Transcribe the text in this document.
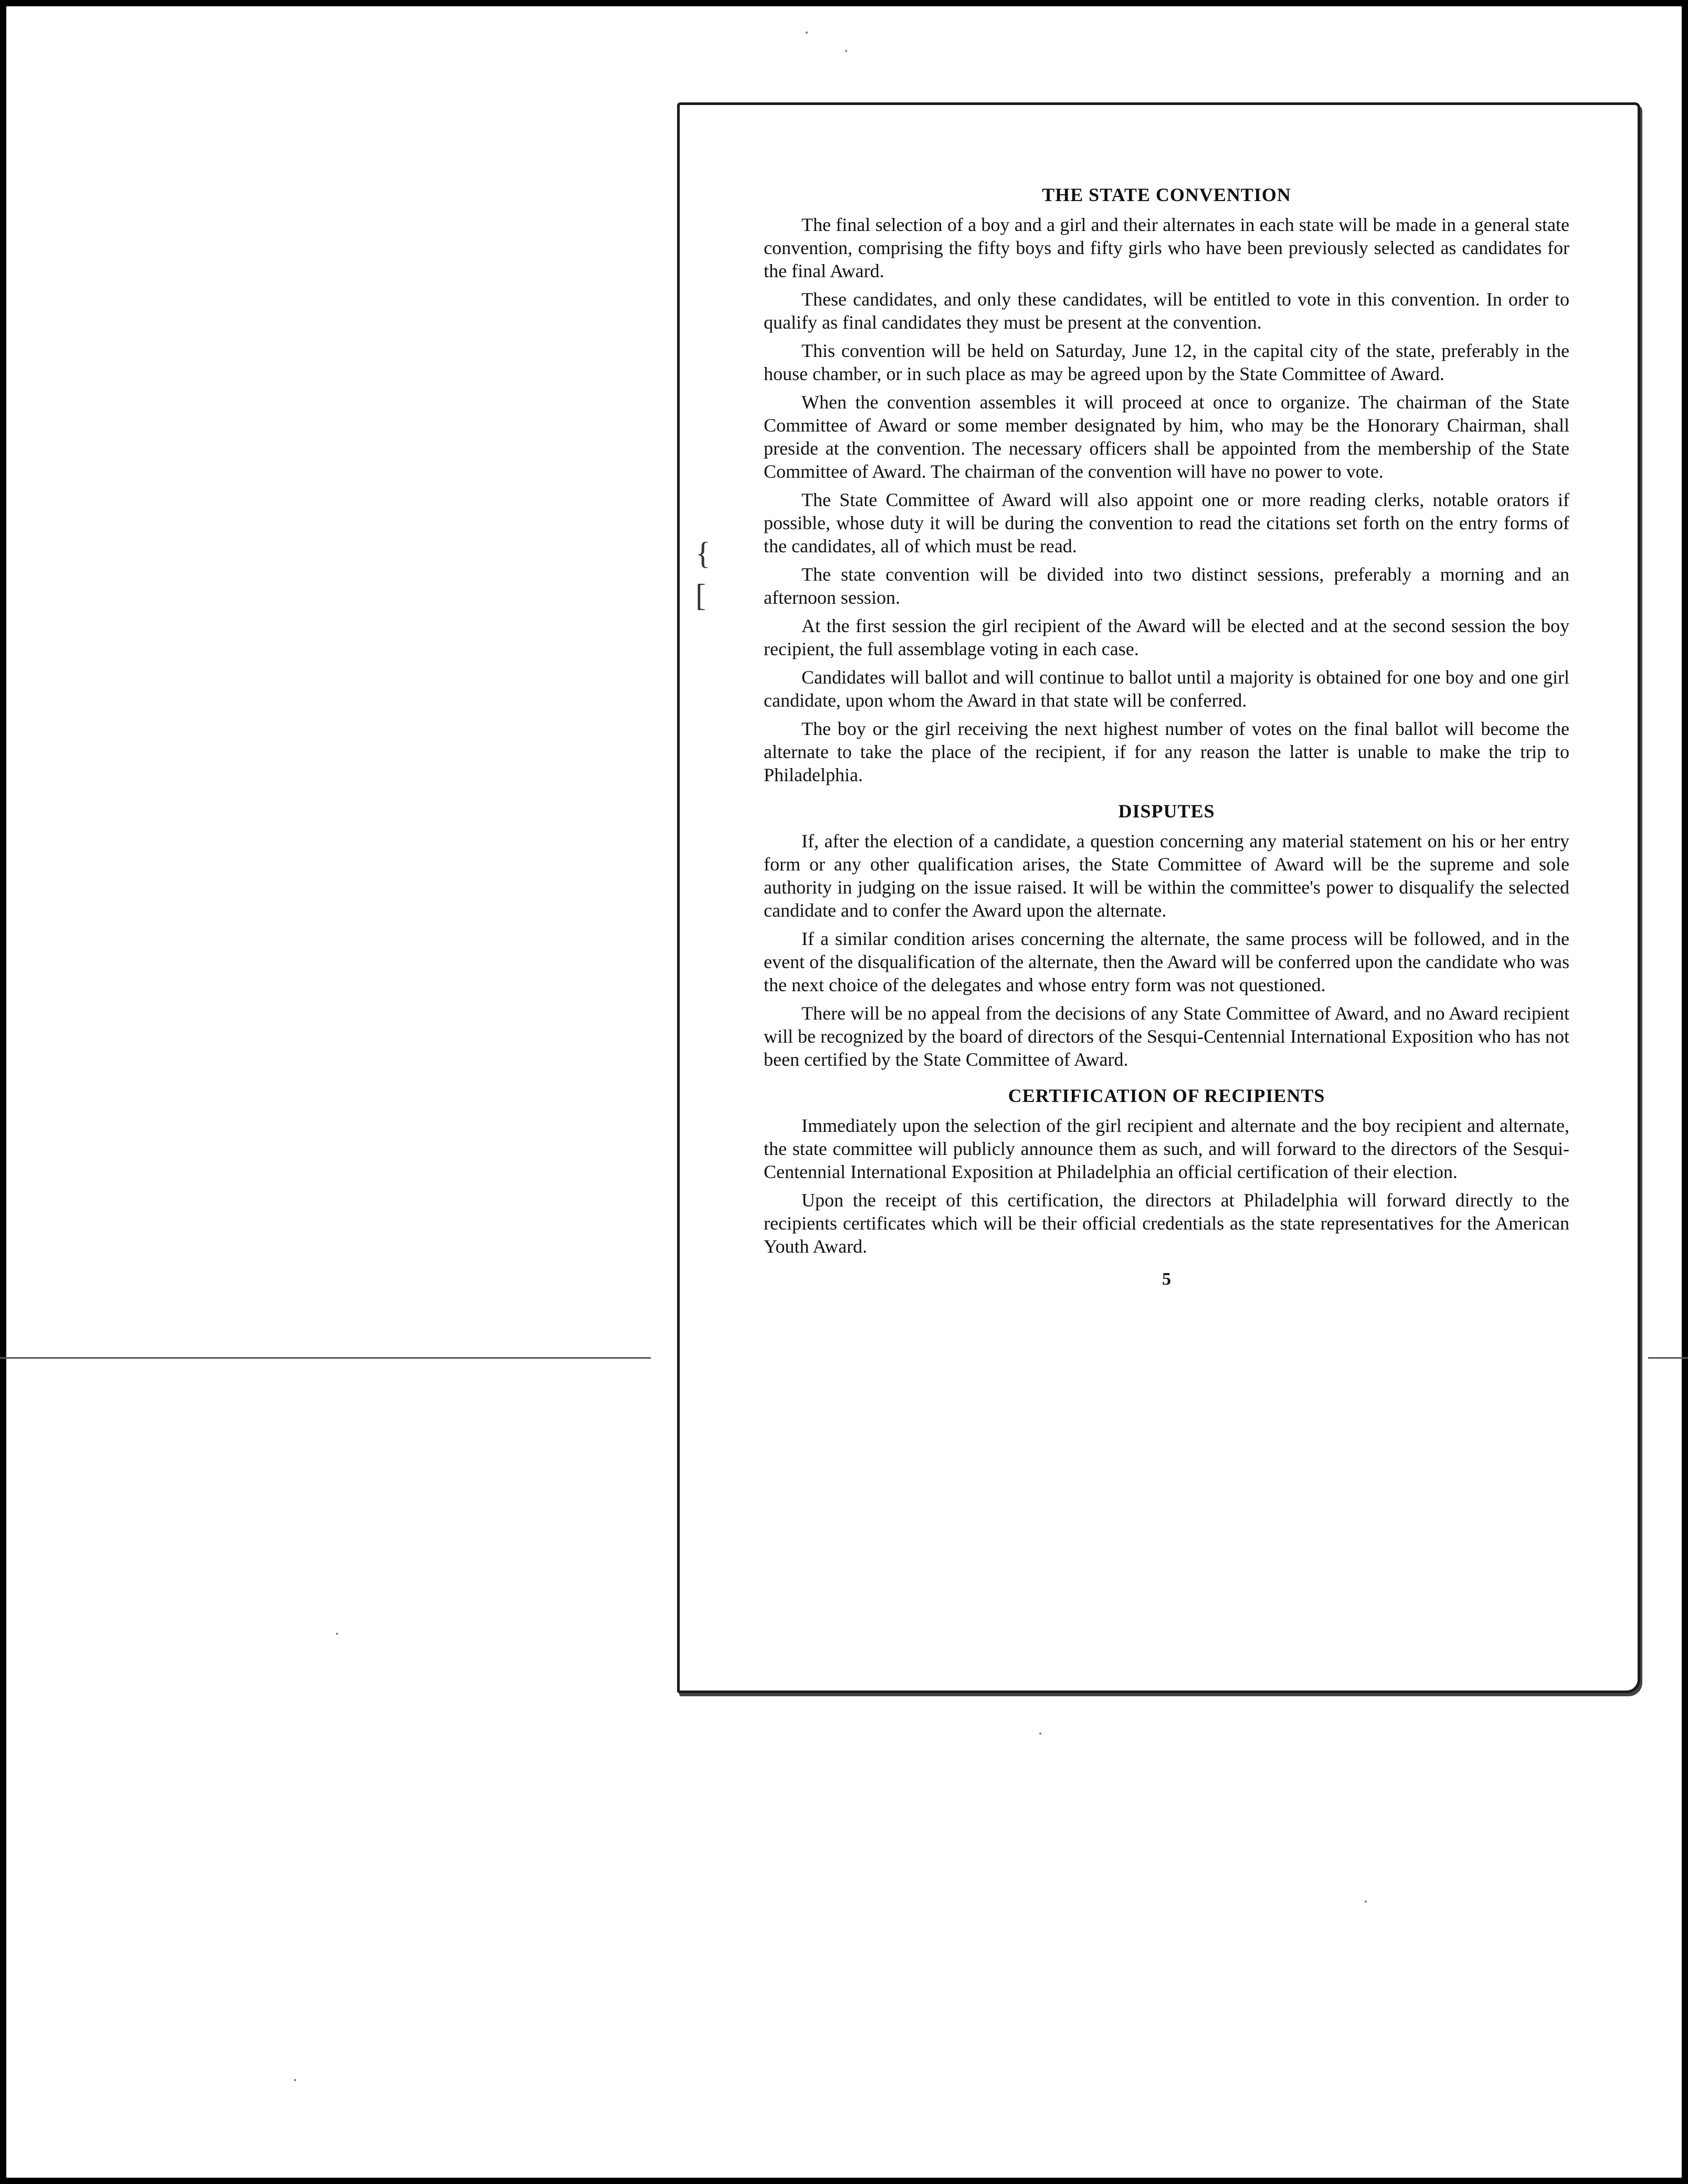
{
[
THE STATE CONVENTION

The final selection of a boy and a girl and their alternates in each state will be made in a general state convention, comprising the fifty boys and fifty girls who have been previously selected as candidates for the final Award.

These candidates, and only these candidates, will be entitled to vote in this convention. In order to qualify as final candidates they must be present at the convention.

This convention will be held on Saturday, June 12, in the capital city of the state, preferably in the house chamber, or in such place as may be agreed upon by the State Committee of Award.

When the convention assembles it will proceed at once to organize. The chairman of the State Committee of Award or some member designated by him, who may be the Honorary Chairman, shall preside at the convention. The necessary officers shall be appointed from the membership of the State Committee of Award. The chairman of the convention will have no power to vote.

The State Committee of Award will also appoint one or more reading clerks, notable orators if possible, whose duty it will be during the convention to read the citations set forth on the entry forms of the candidates, all of which must be read.

The state convention will be divided into two distinct sessions, preferably a morning and an afternoon session.

At the first session the girl recipient of the Award will be elected and at the second session the boy recipient, the full assemblage voting in each case.

Candidates will ballot and will continue to ballot until a majority is obtained for one boy and one girl candidate, upon whom the Award in that state will be conferred.

The boy or the girl receiving the next highest number of votes on the final ballot will become the alternate to take the place of the recipient, if for any reason the latter is unable to make the trip to Philadelphia.

DISPUTES

If, after the election of a candidate, a question concerning any material statement on his or her entry form or any other qualification arises, the State Committee of Award will be the supreme and sole authority in judging on the issue raised. It will be within the committee's power to disqualify the selected candidate and to confer the Award upon the alternate.

If a similar condition arises concerning the alternate, the same process will be followed, and in the event of the disqualification of the alternate, then the Award will be conferred upon the candidate who was the next choice of the delegates and whose entry form was not questioned.

There will be no appeal from the decisions of any State Committee of Award, and no Award recipient will be recognized by the board of directors of the Sesqui-Centennial International Exposition who has not been certified by the State Committee of Award.

CERTIFICATION OF RECIPIENTS

Immediately upon the selection of the girl recipient and alternate and the boy recipient and alternate, the state committee will publicly announce them as such, and will forward to the directors of the Sesqui-Centennial International Exposition at Philadelphia an official certification of their election.

Upon the receipt of this certification, the directors at Philadelphia will forward directly to the recipients certificates which will be their official credentials as the state representatives for the American Youth Award.

5
